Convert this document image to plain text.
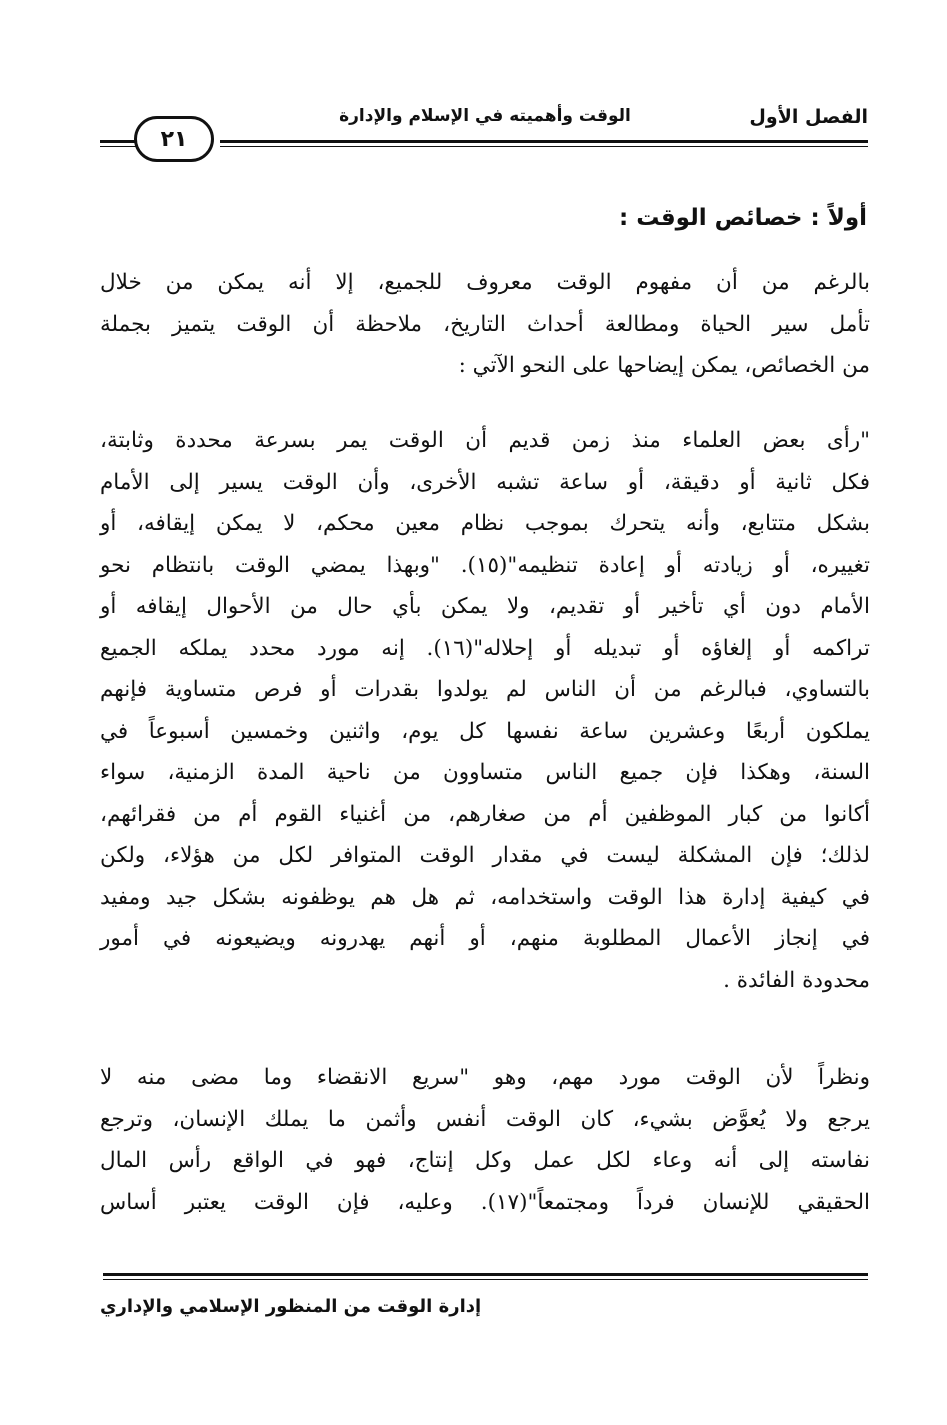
الفصل الأول
الوقت وأهميته في الإسلام والإدارة
٢١
أولاً : خصائص الوقت :

بالرغم من أن مفهوم الوقت معروف للجميع، إلا أنه يمكن من خلال
تأمل سير الحياة ومطالعة أحداث التاريخ، ملاحظة أن الوقت يتميز بجملة
من الخصائص، يمكن إيضاحها على النحو الآتي :

"رأى بعض العلماء منذ زمن قديم أن الوقت يمر بسرعة محددة وثابتة،
فكل ثانية أو دقيقة، أو ساعة تشبه الأخرى، وأن الوقت يسير إلى الأمام
بشكل متتابع، وأنه يتحرك بموجب نظام معين محكم، لا يمكن إيقافه، أو
تغييره، أو زيادته أو إعادة تنظيمه"(١٥). "وبهذا يمضي الوقت بانتظام نحو
الأمام دون أي تأخير أو تقديم، ولا يمكن بأي حال من الأحوال إيقافه أو
تراكمه أو إلغاؤه أو تبديله أو إحلاله"(١٦). إنه مورد محدد يملكه الجميع
بالتساوي، فبالرغم من أن الناس لم يولدوا بقدرات أو فرص متساوية فإنهم
يملكون أربعًا وعشرين ساعة نفسها كل يوم، واثنين وخمسين أسبوعاً في
السنة، وهكذا فإن جميع الناس متساوون من ناحية المدة الزمنية، سواء
أكانوا من كبار الموظفين أم من صغارهم، من أغنياء القوم أم من فقرائهم،
لذلك؛ فإن المشكلة ليست في مقدار الوقت المتوافر لكل من هؤلاء، ولكن
في كيفية إدارة هذا الوقت واستخدامه، ثم هل هم يوظفونه بشكل جيد ومفيد
في إنجاز الأعمال المطلوبة منهم، أو أنهم يهدرونه ويضيعونه في أمور
محدودة الفائدة .

ونظراً لأن الوقت مورد مهم، وهو "سريع الانقضاء وما مضى منه لا
يرجع ولا يُعوَّض بشيء، كان الوقت أنفس وأثمن ما يملك الإنسان، وترجع
نفاسته إلى أنه وعاء لكل عمل وكل إنتاج، فهو في الواقع رأس المال
الحقيقي للإنسان فرداً ومجتمعاً"(١٧). وعليه، فإن الوقت يعتبر أساس

إدارة الوقت من المنظور الإسلامي والإداري
